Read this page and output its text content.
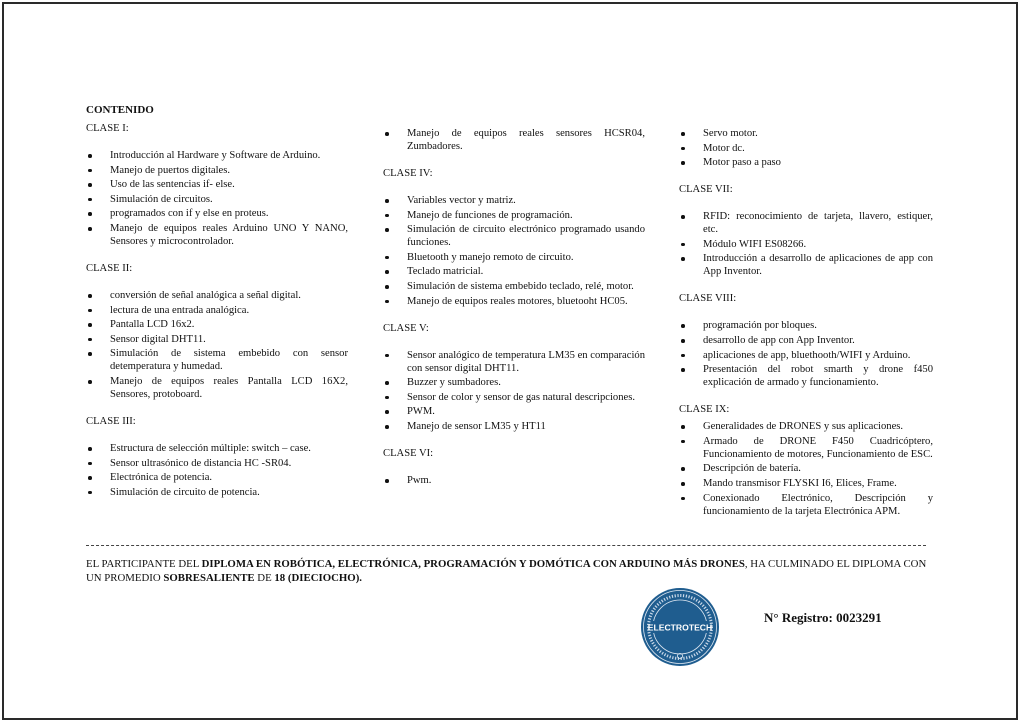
CONTENIDO
CLASE I:
Introducción al Hardware y Software de Arduino.
Manejo de puertos digitales.
Uso de las sentencias if- else.
Simulación de circuitos.
programados con if y else en proteus.
Manejo de equipos reales Arduino UNO Y NANO, Sensores y microcontrolador.
CLASE II:
conversión de señal analógica a señal digital.
lectura de una entrada analógica.
Pantalla LCD 16x2.
Sensor digital DHT11.
Simulación de sistema embebido con sensor detemperatura y humedad.
Manejo de equipos reales Pantalla LCD 16X2, Sensores, protoboard.
CLASE III:
Estructura de selección múltiple: switch – case.
Sensor ultrasónico de distancia HC -SR04.
Electrónica de potencia.
Simulación de circuito de potencia.
Manejo de equipos reales sensores HCSR04, Zumbadores.
CLASE IV:
Variables vector y matriz.
Manejo de funciones de programación.
Simulación de circuito electrónico programado usando funciones.
Bluetooth y manejo remoto de circuito.
Teclado matricial.
Simulación de sistema embebido teclado, relé, motor.
Manejo de equipos reales motores, bluetooht HC05.
CLASE V:
Sensor analógico de temperatura LM35 en comparación con sensor digital DHT11.
Buzzer y sumbadores.
Sensor de color y sensor de gas natural descripciones.
PWM.
Manejo de sensor LM35 y HT11
CLASE VI:
Pwm.
Servo motor.
Motor dc.
Motor paso a paso
CLASE VII:
RFID: reconocimiento de tarjeta, llavero, estiquer, etc.
Módulo WIFI ES08266.
Introducción a desarrollo de aplicaciones de app con App Inventor.
CLASE VIII:
programación por bloques.
desarrollo de app con App Inventor.
aplicaciones de app, bluethooth/WIFI y Arduino.
Presentación del robot smarth y drone f450 explicación de armado y funcionamiento.
CLASE IX:
Generalidades de DRONES y sus aplicaciones.
Armado de DRONE F450 Cuadricóptero, Funcionamiento de motores, Funcionamiento de ESC.
Descripción de batería.
Mando transmisor FLYSKI I6, Elices, Frame.
Conexionado Electrónico, Descripción y funcionamiento de la tarjeta Electrónica APM.
EL PARTICIPANTE DEL DIPLOMA EN ROBÓTICA, ELECTRÓNICA, PROGRAMACIÓN Y DOMÓTICA CON ARDUINO MÁS DRONES, HA CULMINADO EL DIPLOMA CON UN PROMEDIO SOBRESALIENTE DE 18 (DIECIOCHO).
ELECTROTECH
N° Registro: 0023291
